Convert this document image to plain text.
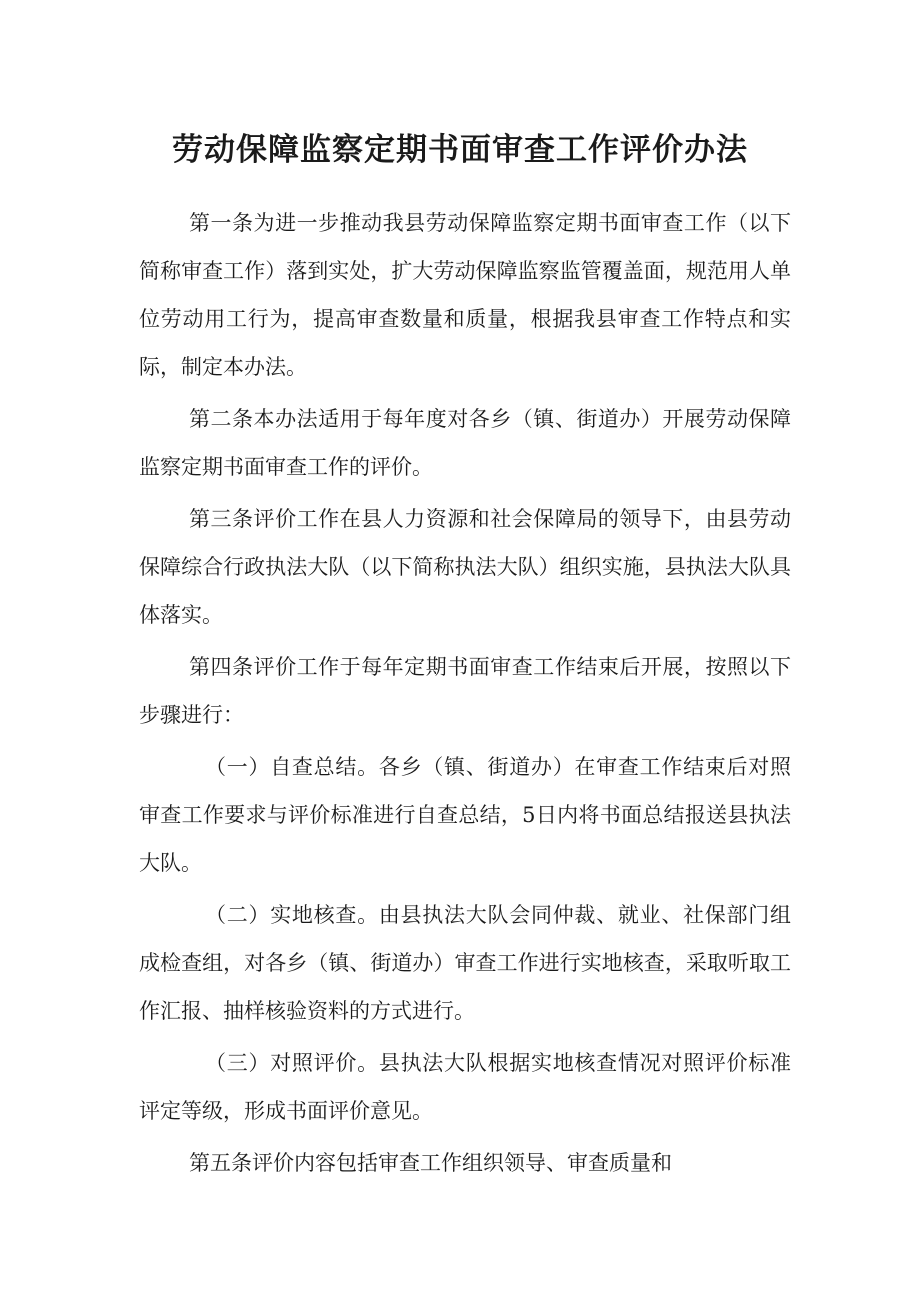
劳动保障监察定期书面审查工作评价办法

第一条为进一步推动我县劳动保障监察定期书面审查工作（以下简称审查工作）落到实处，扩大劳动保障监察监管覆盖面，规范用人单位劳动用工行为，提高审查数量和质量，根据我县审查工作特点和实际，制定本办法。

第二条本办法适用于每年度对各乡（镇、街道办）开展劳动保障监察定期书面审查工作的评价。

第三条评价工作在县人力资源和社会保障局的领导下，由县劳动保障综合行政执法大队（以下简称执法大队）组织实施，县执法大队具体落实。

第四条评价工作于每年定期书面审查工作结束后开展，按照以下步骤进行：

（一）自查总结。各乡（镇、街道办）在审查工作结束后对照审查工作要求与评价标准进行自查总结，5日内将书面总结报送县执法大队。

（二）实地核查。由县执法大队会同仲裁、就业、社保部门组成检查组，对各乡（镇、街道办）审查工作进行实地核查，采取听取工作汇报、抽样核验资料的方式进行。

（三）对照评价。县执法大队根据实地核查情况对照评价标准评定等级，形成书面评价意见。

第五条评价内容包括审查工作组织领导、审查质量和
